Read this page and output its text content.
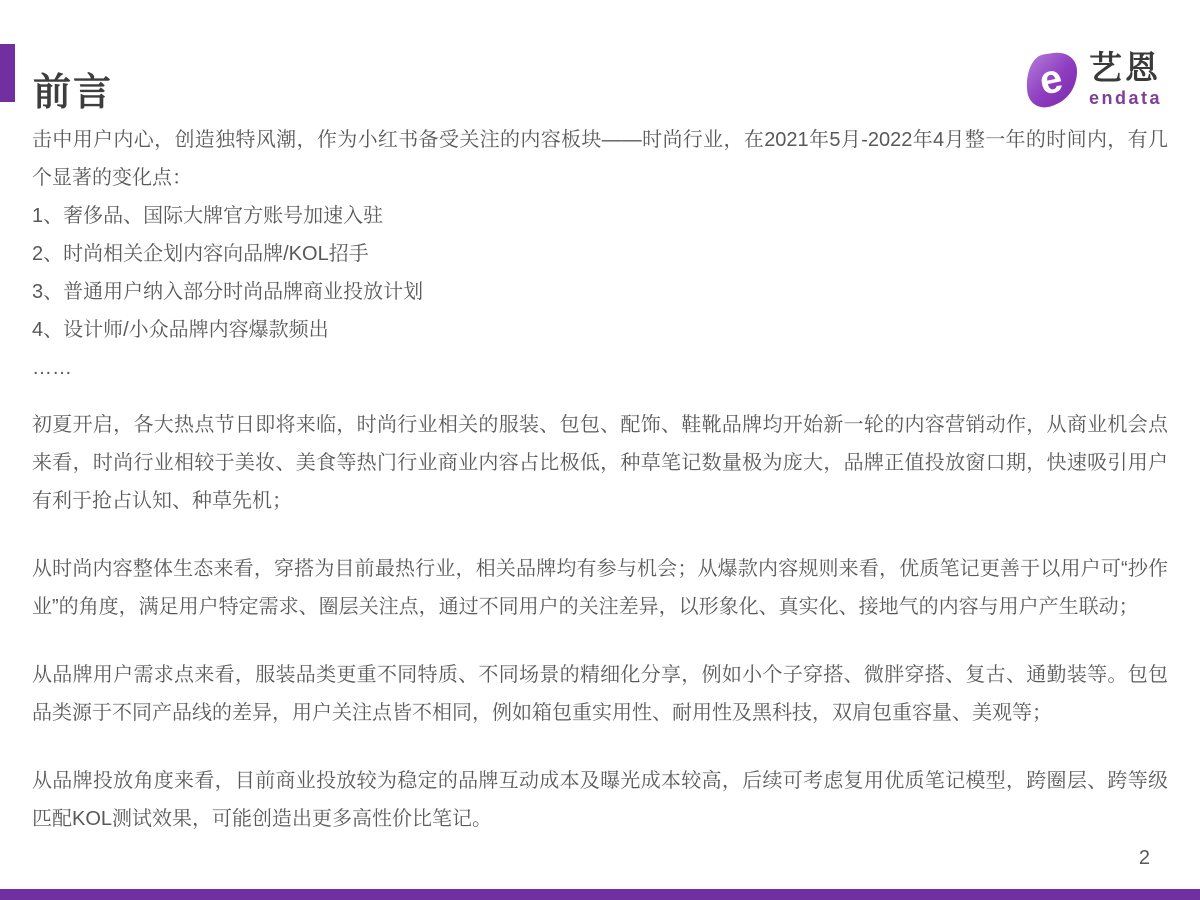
前言	e 艺恩
endata

击中用户内心，创造独特风潮，作为小红书备受关注的内容板块——时尚行业，在2021年5月-2022年4月整一年的时间内，有几个显著的变化点：

1、奢侈品、国际大牌官方账号加速入驻

2、时尚相关企划内容向品牌/KOL招手

3、普通用户纳入部分时尚品牌商业投放计划

4、设计师/小众品牌内容爆款频出

……

初夏开启，各大热点节日即将来临，时尚行业相关的服装、包包、配饰、鞋靴品牌均开始新一轮的内容营销动作，从商业机会点来看，时尚行业相较于美妆、美食等热门行业商业内容占比极低，种草笔记数量极为庞大，品牌正值投放窗口期，快速吸引用户有利于抢占认知、种草先机；

从时尚内容整体生态来看，穿搭为目前最热行业，相关品牌均有参与机会；从爆款内容规则来看，优质笔记更善于以用户可“抄作业”的角度，满足用户特定需求、圈层关注点，通过不同用户的关注差异，以形象化、真实化、接地气的内容与用户产生联动；

从品牌用户需求点来看，服装品类更重不同特质、不同场景的精细化分享，例如小个子穿搭、微胖穿搭、复古、通勤装等。包包品类源于不同产品线的差异，用户关注点皆不相同，例如箱包重实用性、耐用性及黑科技，双肩包重容量、美观等；

从品牌投放角度来看，目前商业投放较为稳定的品牌互动成本及曝光成本较高，后续可考虑复用优质笔记模型，跨圈层、跨等级匹配KOL测试效果，可能创造出更多高性价比笔记。

2
